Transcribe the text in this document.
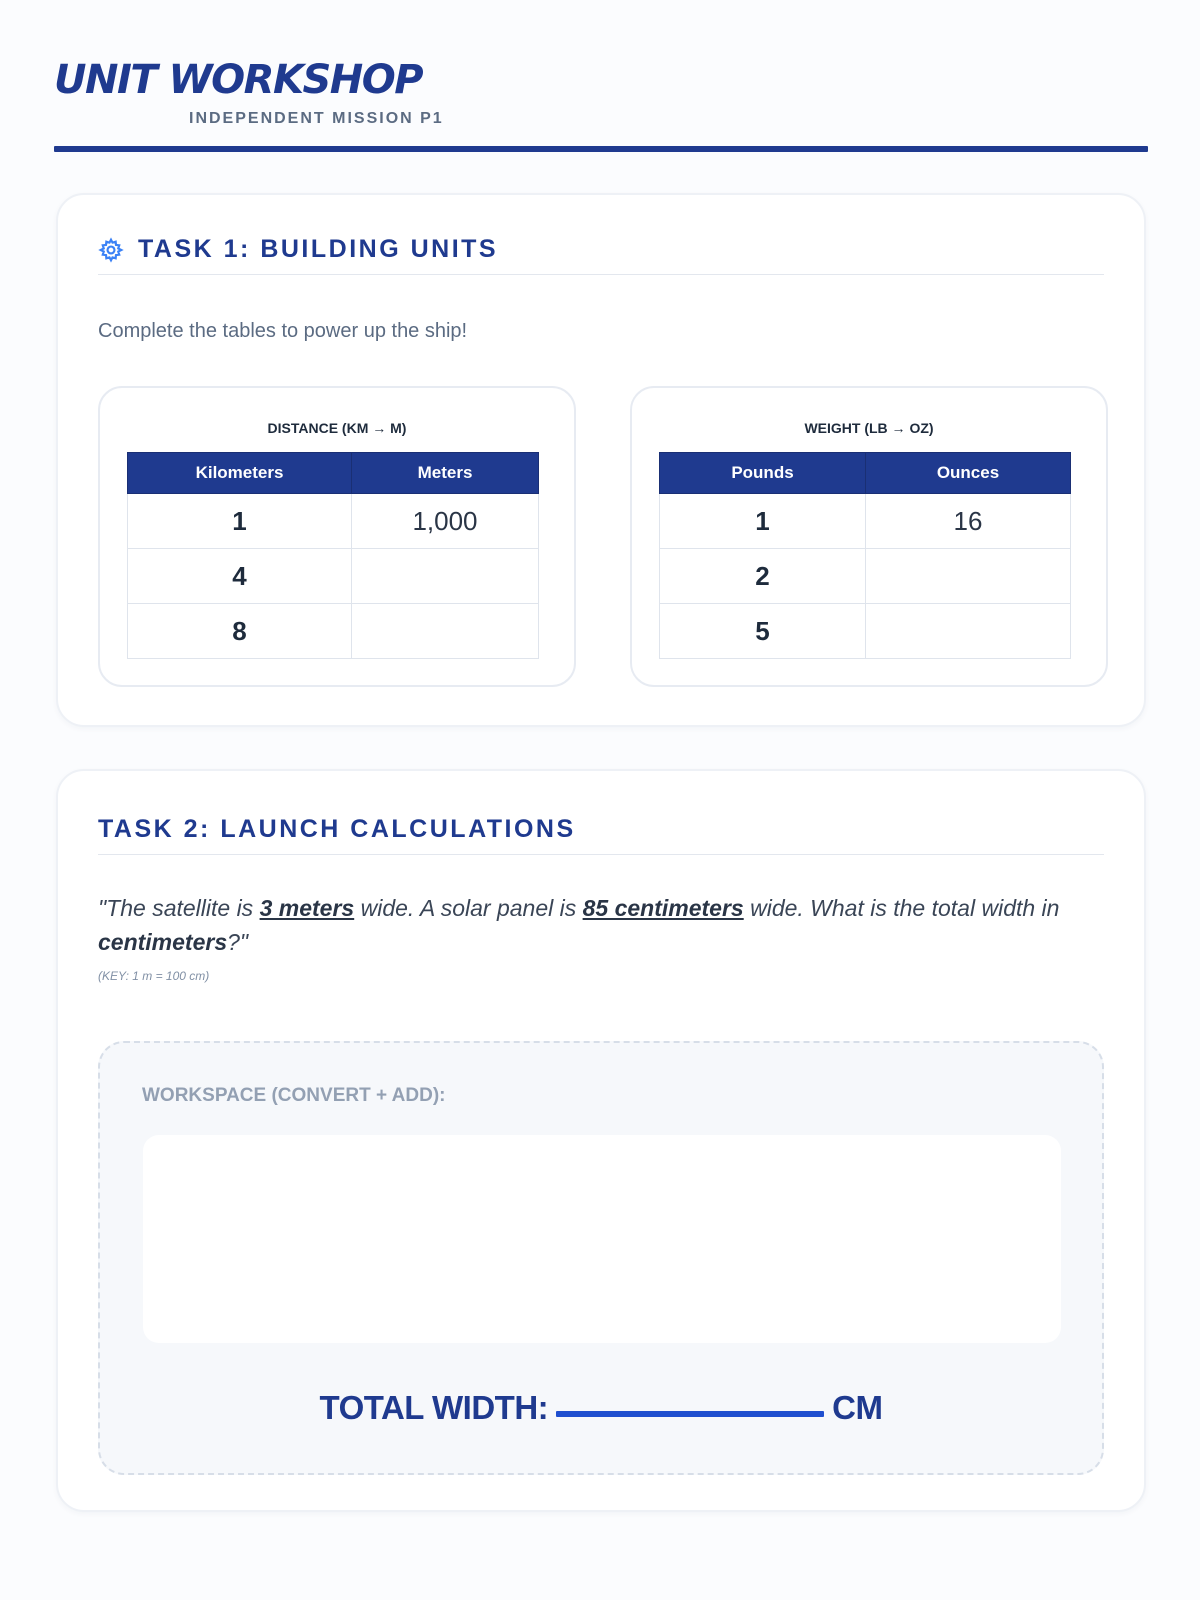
UNIT WORKSHOP
INDEPENDENT MISSION P1
TASK 1: BUILDING UNITS
Complete the tables to power up the ship!
DISTANCE (KM → M)
Kilometers	Meters
1	1,000
4	
8	
WEIGHT (LB → OZ)
Pounds	Ounces
1	16
2	
5	
TASK 2: LAUNCH CALCULATIONS
"The satellite is 3 meters wide. A solar panel is 85 centimeters wide. What is the total width in centimeters?"
(KEY: 1 m = 100 cm)
WORKSPACE (CONVERT + ADD):
TOTAL WIDTH:	CM
